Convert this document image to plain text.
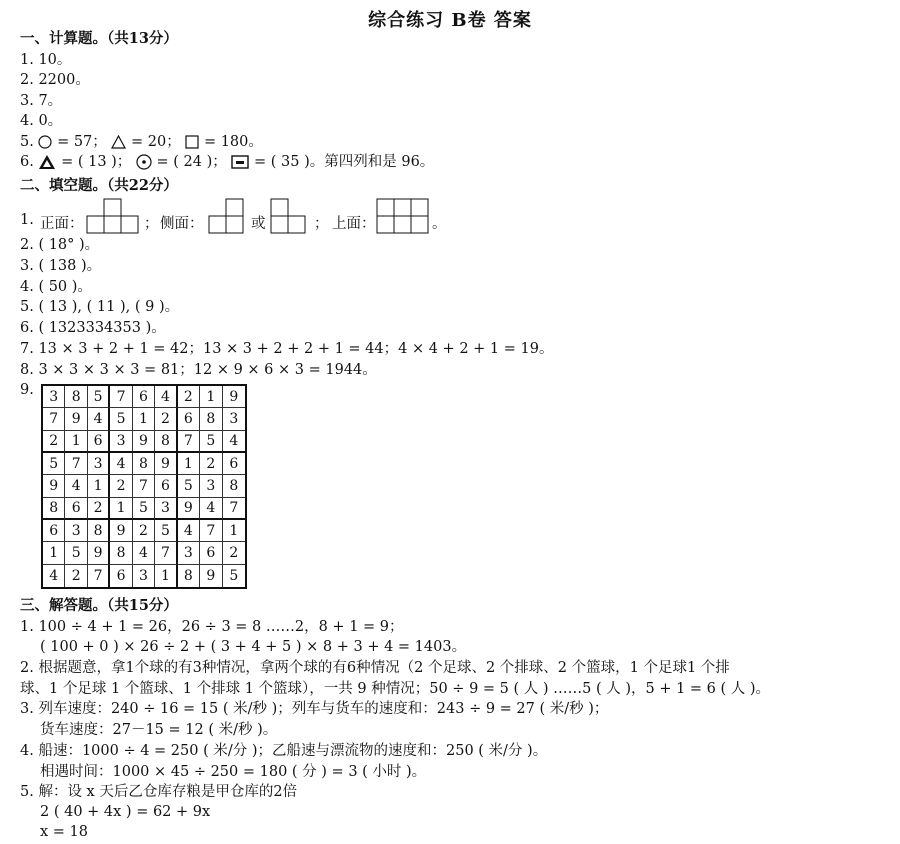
综合练习 B卷 答案
一、计算题。（共13分）
1. 10。
2. 2200。
3. 7。
4. 0。
5. = 57； = 20； = 180。
6. = ( 13 )； = ( 24 )； = ( 35 )。第四列和是 96。
二、填空题。（共22分）
1. 正面：	； 侧面：	或	； 上面：	。
2. ( 18° )。
3. ( 138 )。
4. ( 50 )。
5. ( 13 ), ( 11 ), ( 9 )。
6. ( 1323334353 )。
7. 13 × 3 + 2 + 1 = 42；13 × 3 + 2 + 2 + 1 = 44；4 × 4 + 2 + 1 = 19。
8. 3 × 3 × 3 × 3 = 81；12 × 9 × 6 × 3 = 1944。
9.	3 8 5	7 6 4	2 1	9
7 9 4	5 1 2	6 8	3
2 1 6	3 9 8	7 5	4
5 7 3	4 8 9	1 2	6
9 4 1	2 7 6	5 3	8
8 6 2	1 5 3	9 4	7
6 3 8	9 2 5	4 7	1
1 5 9	8 4 7	3 6	2
4 2 7	6 3 1	8 9	5
三、解答题。（共15分）
1. 100 ÷ 4 + 1 = 26，26 ÷ 3 = 8 ……2，8 + 1 = 9；
( 100 + 0 ) × 26 ÷ 2 + ( 3 + 4 + 5 ) × 8 + 3 + 4 = 1403。
2. 根据题意，拿1个球的有3种情况，拿两个球的有6种情况（2 个足球、2 个排球、2 个篮球，1 个足球1 个排
球、1 个足球 1 个篮球、1 个排球 1 个篮球），一共 9 种情况；50 ÷ 9 = 5 ( 人 ) ……5 ( 人 )，5 + 1 = 6 ( 人 )。
3. 列车速度：240 ÷ 16 = 15 ( 米/秒 )；列车与货车的速度和：243 ÷ 9 = 27 ( 米/秒 )；
货车速度：27－15 = 12 ( 米/秒 )。
4. 船速：1000 ÷ 4 = 250 ( 米/分 )；乙船速与漂流物的速度和：250 ( 米/分 )。
相遇时间：1000 × 45 ÷ 250 = 180 ( 分 ) = 3 ( 小时 )。
5. 解：设 x 天后乙仓库存粮是甲仓库的2倍
2 ( 40 + 4x ) = 62 + 9x
x = 18
